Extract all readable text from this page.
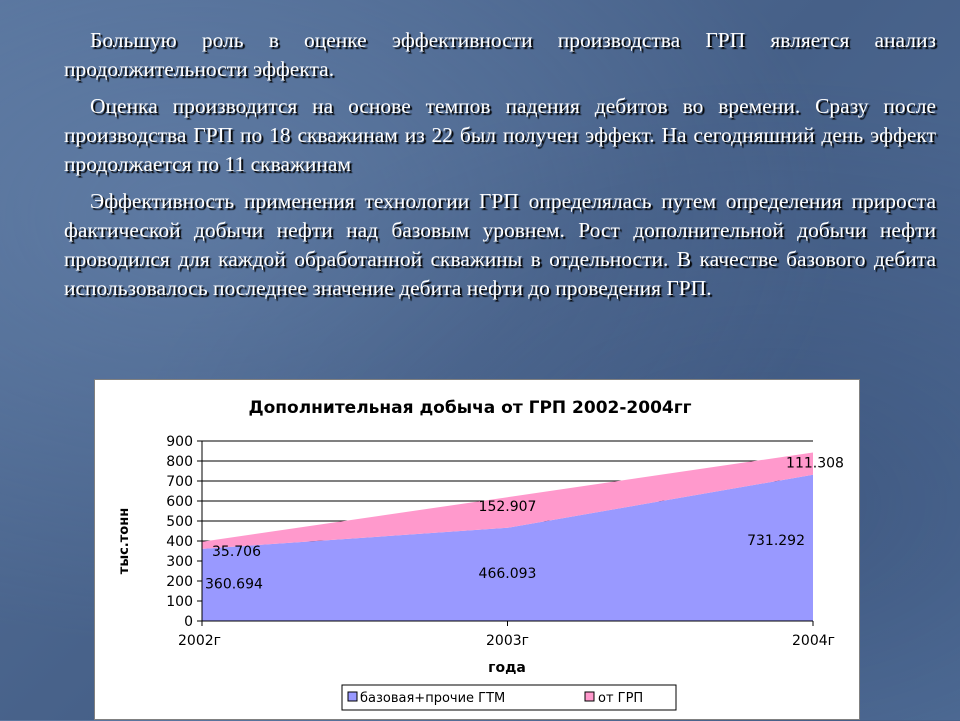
Большую роль в оценке эффективности производства ГРП является анализ продолжительности эффекта.

Оценка производится на основе темпов падения дебитов во времени. Сразу после производства ГРП по 18 скважинам из 22 был получен эффект. На сегодняшний день эффект продолжается по 11 скважинам

Эффективность применения технологии ГРП определялась путем определения прироста фактической добычи нефти над базовым уровнем. Рост дополнительной добычи нефти проводился для каждой обработанной скважины в отдельности. В качестве базового дебита использовалось последнее значение дебита нефти до проведения ГРП.

Дополнительная добыча от ГРП 2002-2004гг
0
100
200
300
400
500
600
700
800
900
2002г	2003г	2004г
360.694
466.093
731.292
35.706
152.907
111.308
года
тыс.тонн
базовая+прочие ГТМ	от ГРП
